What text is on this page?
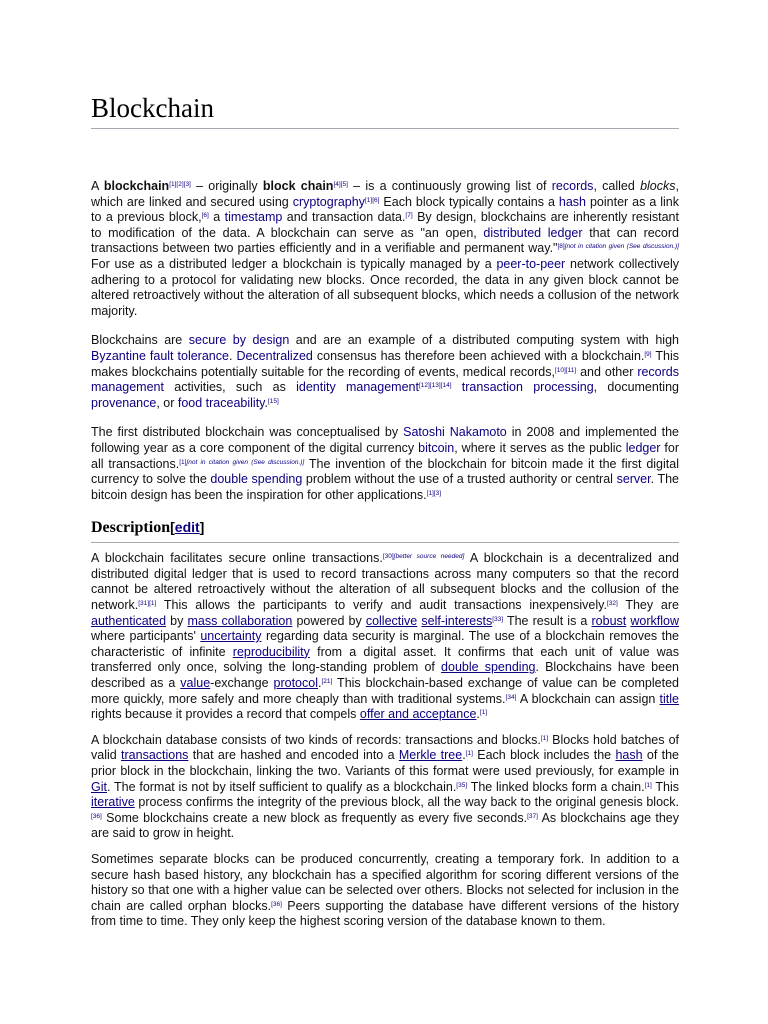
Blockchain

A blockchain[1][2][3] – originally block chain[4][5] – is a continuously growing list of records, called blocks, which are linked and secured using cryptography[1][6] Each block typically contains a hash pointer as a link to a previous block,[6] a timestamp and transaction data.[7] By design, blockchains are inherently resistant to modification of the data. A blockchain can serve as "an open, distributed ledger that can record transactions between two parties efficiently and in a verifiable and permanent way."[8][not in citation given (See discussion.)] For use as a distributed ledger a blockchain is typically managed by a peer-to-peer network collectively adhering to a protocol for validating new blocks. Once recorded, the data in any given block cannot be altered retroactively without the alteration of all subsequent blocks, which needs a collusion of the network majority.

Blockchains are secure by design and are an example of a distributed computing system with high Byzantine fault tolerance. Decentralized consensus has therefore been achieved with a blockchain.[9] This makes blockchains potentially suitable for the recording of events, medical records,[10][11] and other records management activities, such as identity management[12][13][14] transaction processing, documenting provenance, or food traceability.[15]

The first distributed blockchain was conceptualised by Satoshi Nakamoto in 2008 and implemented the following year as a core component of the digital currency bitcoin, where it serves as the public ledger for all transactions.[1][not in citation given (See discussion.)] The invention of the blockchain for bitcoin made it the first digital currency to solve the double spending problem without the use of a trusted authority or central server. The bitcoin design has been the inspiration for other applications.[1][3]

Description[edit]

A blockchain facilitates secure online transactions.[30][better source needed] A blockchain is a decentralized and distributed digital ledger that is used to record transactions across many computers so that the record cannot be altered retroactively without the alteration of all subsequent blocks and the collusion of the network.[31][1] This allows the participants to verify and audit transactions inexpensively.[32] They are authenticated by mass collaboration powered by collective self-interests[33] The result is a robust workflow where participants' uncertainty regarding data security is marginal. The use of a blockchain removes the characteristic of infinite reproducibility from a digital asset. It confirms that each unit of value was transferred only once, solving the long-standing problem of double spending. Blockchains have been described as a value-exchange protocol.[21] This blockchain-based exchange of value can be completed more quickly, more safely and more cheaply than with traditional systems.[34] A blockchain can assign title rights because it provides a record that compels offer and acceptance.[1]

A blockchain database consists of two kinds of records: transactions and blocks.[1] Blocks hold batches of valid transactions that are hashed and encoded into a Merkle tree.[1] Each block includes the hash of the prior block in the blockchain, linking the two. Variants of this format were used previously, for example in Git. The format is not by itself sufficient to qualify as a blockchain.[35] The linked blocks form a chain.[1] This iterative process confirms the integrity of the previous block, all the way back to the original genesis block.[36] Some blockchains create a new block as frequently as every five seconds.[37] As blockchains age they are said to grow in height.

Sometimes separate blocks can be produced concurrently, creating a temporary fork. In addition to a secure hash based history, any blockchain has a specified algorithm for scoring different versions of the history so that one with a higher value can be selected over others. Blocks not selected for inclusion in the chain are called orphan blocks.[36] Peers supporting the database have different versions of the history from time to time. They only keep the highest scoring version of the database known to them.
